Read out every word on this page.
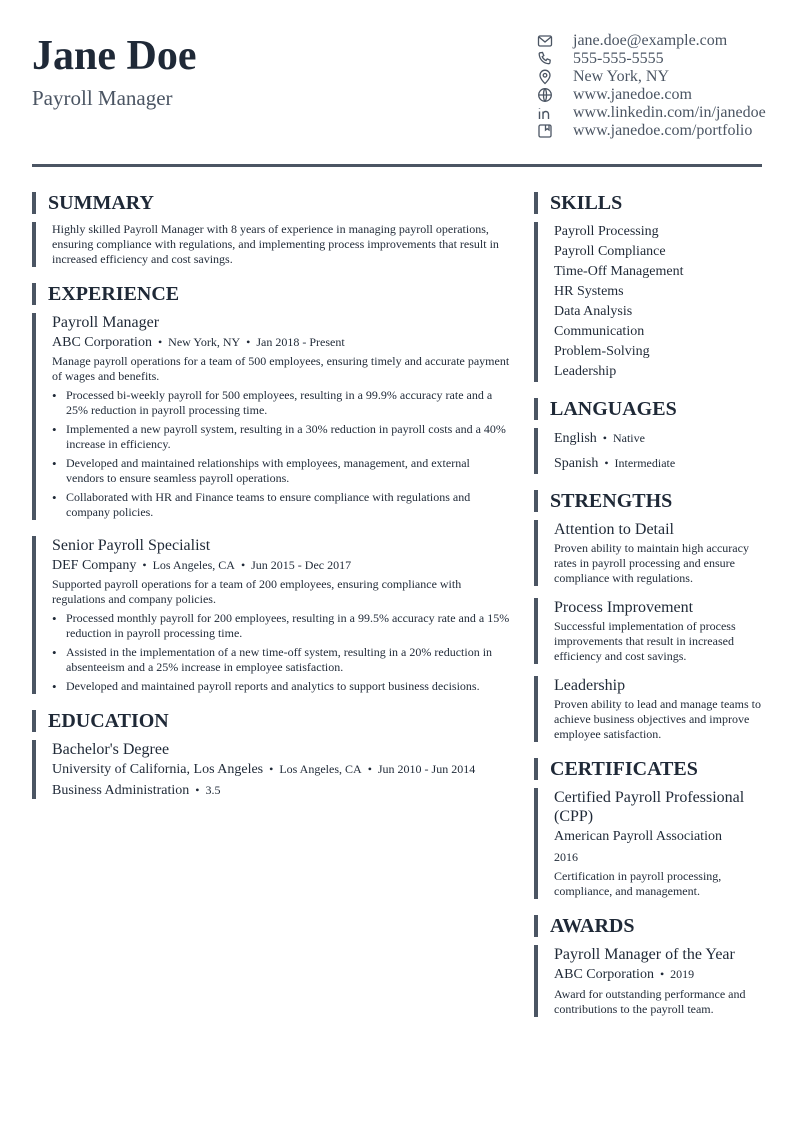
Jane Doe
Payroll Manager
jane.doe@example.com
555-555-5555
New York, NY
www.janedoe.com
www.linkedin.com/in/janedoe
www.janedoe.com/portfolio
SUMMARY
Highly skilled Payroll Manager with 8 years of experience in managing payroll operations, ensuring compliance with regulations, and implementing process improvements that result in increased efficiency and cost savings.
EXPERIENCE
Payroll Manager
ABC Corporation • New York, NY • Jan 2018 - Present
Manage payroll operations for a team of 500 employees, ensuring timely and accurate payment of wages and benefits.
• Processed bi-weekly payroll for 500 employees, resulting in a 99.9% accuracy rate and a 25% reduction in payroll processing time.
• Implemented a new payroll system, resulting in a 30% reduction in payroll costs and a 40% increase in efficiency.
• Developed and maintained relationships with employees, management, and external vendors to ensure seamless payroll operations.
• Collaborated with HR and Finance teams to ensure compliance with regulations and company policies.
Senior Payroll Specialist
DEF Company • Los Angeles, CA • Jun 2015 - Dec 2017
Supported payroll operations for a team of 200 employees, ensuring compliance with regulations and company policies.
• Processed monthly payroll for 200 employees, resulting in a 99.5% accuracy rate and a 15% reduction in payroll processing time.
• Assisted in the implementation of a new time-off system, resulting in a 20% reduction in absenteeism and a 25% increase in employee satisfaction.
• Developed and maintained payroll reports and analytics to support business decisions.
EDUCATION
Bachelor's Degree
University of California, Los Angeles • Los Angeles, CA • Jun 2010 - Jun 2014
Business Administration • 3.5
SKILLS
Payroll Processing
Payroll Compliance
Time-Off Management
HR Systems
Data Analysis
Communication
Problem-Solving
Leadership
LANGUAGES
English • Native
Spanish • Intermediate
STRENGTHS
Attention to Detail
Proven ability to maintain high accuracy rates in payroll processing and ensure compliance with regulations.
Process Improvement
Successful implementation of process improvements that result in increased efficiency and cost savings.
Leadership
Proven ability to lead and manage teams to achieve business objectives and improve employee satisfaction.
CERTIFICATES
Certified Payroll Professional (CPP)
American Payroll Association
2016
Certification in payroll processing, compliance, and management.
AWARDS
Payroll Manager of the Year
ABC Corporation • 2019
Award for outstanding performance and contributions to the payroll team.
